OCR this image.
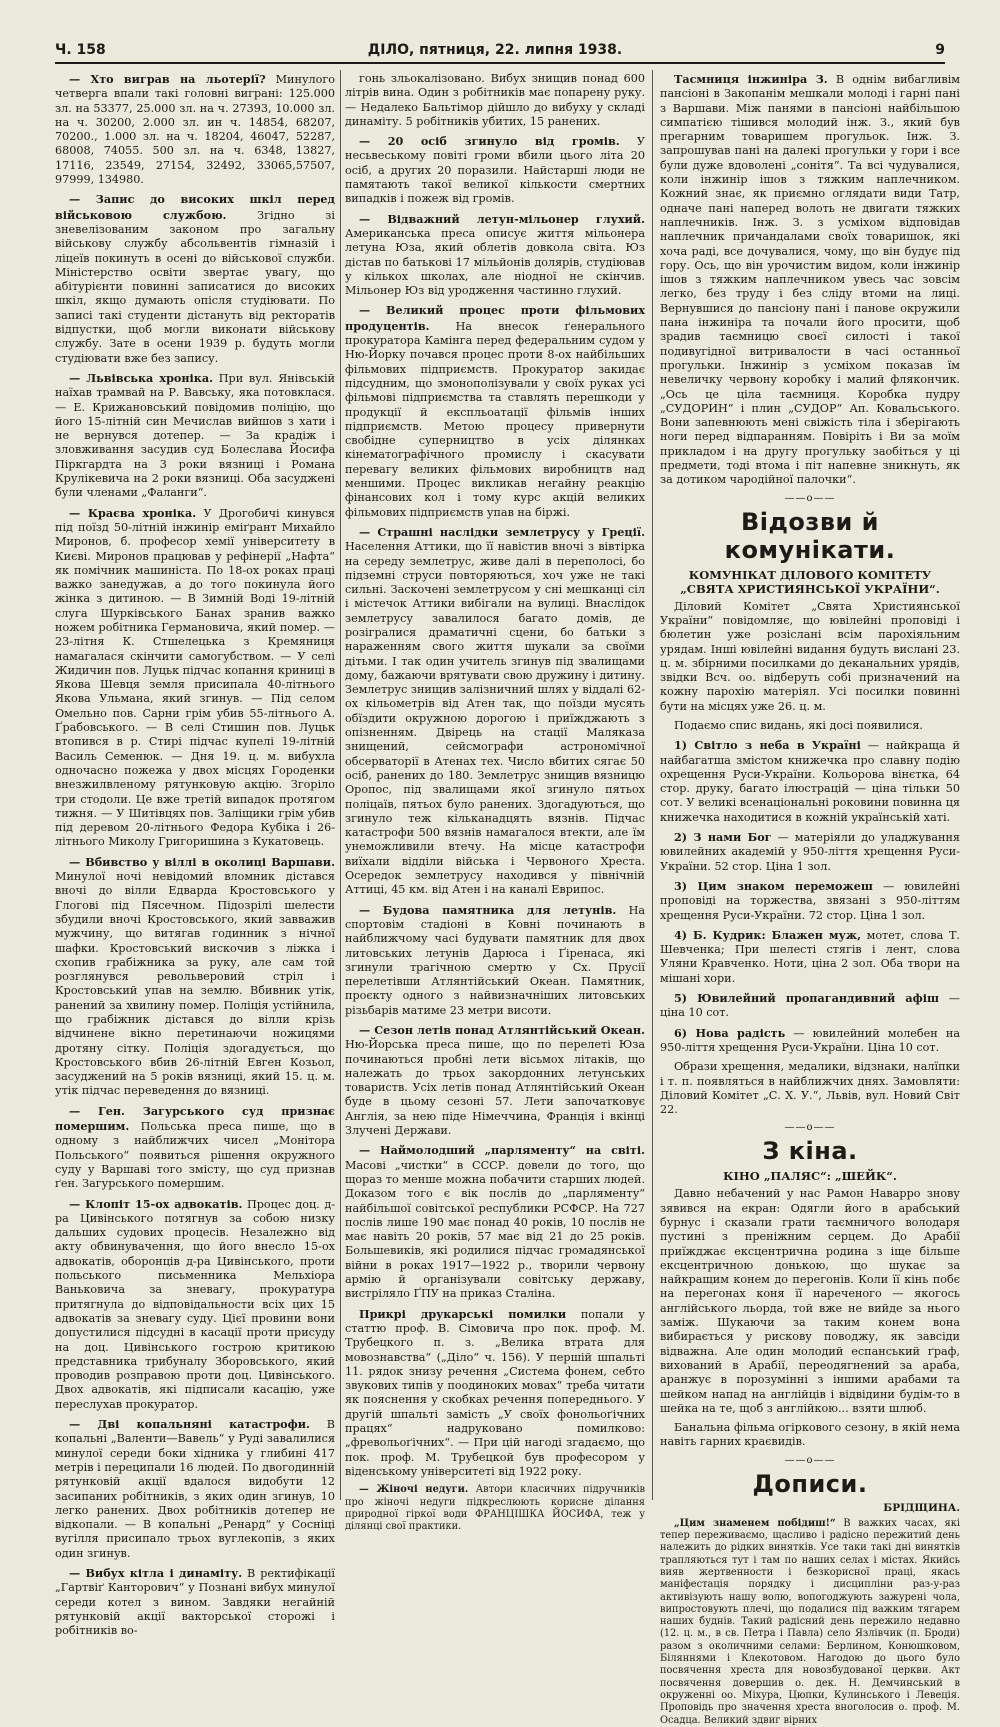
Ч. 158	ДІЛО, пятниця, 22. липня 1938.	9

— Хто виграв на льотерії? Минулого четверга впали такі головні виграні: 125.000 зл. на 53377, 25.000 зл. на ч. 27393, 10.000 зл. на ч. 30200, 2.000 зл. ин ч. 14854, 68207, 70200., 1.000 зл. на ч. 18204, 46047, 52287, 68008, 74055. 500 зл. на ч. 6348, 13827, 17116, 23549, 27154, 32492, 33065,57507, 97999, 134980.

— Запис до високих шкіл перед військовою службою. Згідно зі зневелізованим законом про загальну військову службу абсольвентів гімназій і ліцеїв покинуть в осені до військової служби. Міністерство освіти звертає увагу, що абітурієнти повинні записатися до високих шкіл, якщо думають опісля студіювати. По записі такі студенти дістануть від ректоратів відпустки, щоб могли виконати військову службу. Зате в осени 1939 р. будуть могли студіювати вже без запису.

— Львівська хроніка. При вул. Янівській наїхав трамвай на Р. Вавську, яка потовклася. — Е. Крижановський повідомив поліцію, що його 15-літній син Мечислав вийшов з хати і не вернувся дотепер. — За крадіж і зловживання засудив суд Болеслава Йосифа Піркгардта на 3 роки вязниці і Романа Крулікевича на 2 роки вязниці. Оба засуджені були членами „Фаланги“.

— Краєва хроніка. У Дрогобичі кинувся під поїзд 50-літній інжинір еміґрант Михайло Миронов, б. професор хемії університету в Києві. Миронов працював у рефінерії „Нафта“ як помічник машиніста. По 18-ох роках праці важко занедужав, а до того покинула його жінка з дитиною. — В Зимній Воді 19-літній слуга Шурківського Банах зранив важко ножем робітника Германовича, який помер. — 23-літня К. Стшелецька з Кремяниця намагалася скінчити самогубством. — У селі Жидичин пов. Луцьк підчас копання криниці в Яковa Шевця земля присипала 40-літнього Якова Ульмана, який згинув. — Під селом Омельно пов. Сарни грім убив 55-літнього А. Ґрабовського. — В селі Стишин пов. Луцьк втопився в р. Стирі підчас купелі 19-літній Василь Семенюк. — Дня 19. ц. м. вибухла одночасно пожежа у двох місцях Городенки внезжилвленому рятунковую акцію. Згоріло три стодоли. Це вже третій випадок протягом тижня. — У Шитівцях пов. Заліщики грім убив під деревом 20-літнього Федора Кубіка і 26-літнього Миколу Григоришина з Кукатовець.

— Вбивство у віллі в околиці Варшави. Минулої ночі невідомий вломник дістався вночі до вілли Едварда Кростовського у Глогові під Пясечном. Підозрілі шелести збудили вночі Кростовського, який завважив мужчину, що витягав годинник з нічної шафки. Кростовський вискочив з ліжка і схопив грабіжника за руку, але сам той розглянувся револьверовий стріл і Кростовський упав на землю. Вбивник утік, ранений за хвилину помер. Поліція устійнила, що грабіжник дістався до вілли крізь відчинене вікно перетинаючи ножицями дротяну сітку. Поліція здогадується, що Кростовського вбив 26-літній Евген Козьол, засуджений на 5 років вязниці, який 15. ц. м. утік підчас переведення до вязниці.

— Ген. Загурського суд признає помершим. Польська преса пише, що в одному з найближчих чисел „Монітора Польського“ появиться рішення окружного суду у Варшаві того змісту, що суд признав ґен. Загурського помершим.

— Клопіт 15-ох адвокатів. Процес доц. д-ра Цивінського потягнув за собою низку дальших судових процесів. Незалежно від акту обвинувачення, що його внесло 15-ох адвокатів, оборонців д-ра Цивінського, проти польського письменника Мельхіора Ваньковича за зневагу, прокуратура притягнула до відповідальности всіх цих 15 адвокатів за зневагу суду. Цієї провини вони допустилися підсудні в касації проти присуду на доц. Цивінського гострою критикою представника трибуналу Зборовського, який проводив розправою проти доц. Цивінського. Двох адвокатів, які підписали касацію, уже переслухав прокуратор.

— Дві копальняні катастрофи. В копальні „Валенти—Вавель“ у Руді завалилися минулої середи боки хідника у глибині 417 метрів і переципали 16 людей. По двогодинній рятунковій акції вдалося видобути 12 засипаних робітників, з яких один згинув, 10 легко ранених. Двох робітників дотепер не відкопали. — В копальні „Ренард“ у Сосніці вугілля присипало трьох вуглекопів, з яких один згинув.

— Вибух кітла і динаміту. В ректифікації „Гартвіґ Канторович“ у Познані вибух минулої середи котел з вином. Завдяки негайній рятунковій акції вакторської сторожі і робітників во-

гонь зльокалізовано. Вибух знищив понад 600 літрів вина. Один з робітників має попарену руку. — Недалеко Бальтімор дійшло до вибуху у складі динаміту. 5 робітників убитих, 15 ранених.

— 20 осіб згинуло від громів. У несьвеському повіті громи вбили цього літа 20 осіб, а других 20 поразили. Найстарші люди не памятають такої великої кількости смертних випадків і пожеж від громів.

— Відважний летун-мільонер глухий. Американська преса описує життя мільонера летуна Юза, який облетів довкола світа. Юз дістав по батькові 17 мільйонів долярів, студіював у кількох школах, але ніодної не скінчив. Мільонер Юз від уродження частинно глухий.

— Великий процес проти фільмових продуцентів. На внесок ґенерального прокуратора Камінга перед федеральним судом у Ню-Йорку почався процес проти 8-ох найбільших фільмових підприємств. Прокуратор закидає підсудним, що змонополізували у своїх руках усі фільмові підприємства та ставлять перешкоди у продукції й експльоатації фільмів інших підприємств. Метою процесу привернути свобідне суперництво в усіх ділянках кінематографічного промислу і скасувати перевагу великих фільмових виробництв над меншими. Процес викликав негайну реакцію фінансових кол і тому курс акцій великих фільмових підприємств упав на біржі.

— Страшні наслідки землетрусу у Греції. Населення Аттики, що її навістив вночі з вівтірка на середу землетрус, живе далі в переполосі, бо підземні струси повторяються, хоч уже не такі сильні. Заскочені землетрусом у сні мешканці сіл і містечок Аттики вибігали на вулиці. Внаслідок землетрусу завалилося багато домів, де розігралися драматичні сцени, бо батьки з нараженням свого життя шукали за своїми дітьми. І так один учитель згинув під звалищами дому, бажаючи врятувати свою дружину і дитину. Землетрус знищив залізничний шлях у віддалі 62-ох кільометрів від Атен так, що поїзди мусять обїздити окружною дорогою і приїжджають з опізненням. Двірець на стації Маляказа знищений, сейсмографи астрономічної обсерваторії в Атенах тех. Число вбитих сягає 50 осіб, ранених до 180. Землетрус знищив вязницю Оропос, під звалищами якої згинуло пятьох поліцаїв, пятьох було ранених. Здогадуються, що згинуло теж кільканадцять вязнів. Підчас катастрофи 500 вязнів намагалося втекти, але їм унеможливили втечу. На місце катастрофи виїхали відділи війська і Червоного Хреста. Осередок землетрусу находився у північній Аттиці, 45 км. від Атен і на каналі Еврипос.

— Будова памятника для летунів. На спортовім стадіоні в Ковні починають в найближчому часі будувати памятник для двох литовських летунів Дарюса і Ґіренаса, які згинули трагічною смертю у Сх. Прусії перелетівши Атлянтійський Океан. Памятник, проєкту одного з найвизначніших литовських різьбарів матиме 23 метри висоти.

— Сезон летів понад Атлянтійський Океан. Ню-Йорська преса пише, що по перелеті Юза починаються пробні лети вісьмох літаків, що належать до трьох закордонних летунських товариств. Усіх летів понад Атлянтійський Океан буде в цьому сезоні 57. Лети започатковує Англія, за нею піде Німеччина, Франція і вкінці Злучені Держави.

— Наймолодший „парляменту“ на світі. Масові „чистки“ в СССР. довели до того, що щораз то менше можна побачити старших людей. Доказом того є вік послів до „парляменту“ найбільшої совітської республики РСФСР. На 727 послів лише 190 має понад 40 років, 10 послів не має навіть 20 років, 57 має від 21 до 25 років. Большевиків, які родилися підчас громадянської війни в роках 1917—1922 р., творили червону армію й організували совітську державу, вистріляло ҐПУ на приказ Сталіна.

Прикрі друкарські помилки попали у статтю проф. В. Сімовича про пок. проф. М. Трубецкого п. з. „Велика втрата для мовознавства“ („Діло“ ч. 156). У першій шпальті 11. рядок знизу речення „Система фонем, себто звукових типів у поодиноких мовах“ треба читати як пояснення у скобках речення попереднього. У другій шпальті замість „У своїх фонольоґічних працях“ надруковано помилково: „фревольоґічних“. — При цій нагоді згадаємо, що пок. проф. М. Трубецкой був професором у віденському університеті від 1922 року.

— Жіночі недуги. Автори класичних підручників про жіночі недуги підкреслюють корисне ділання природної гіркої води ФРАНЦІШКА ЙОСИФА, теж у ділянці свої практики.

Тасмниця інжинірa З. В однім вибагливім пансіоні в Закопанім мешкали молоді і гарні пані з Варшави. Між панями в пансіоні найбільшою симпатією тішився молодий інж. З., який був прегарним товаришем прогульок. Інж. З. запрошував пані на далекі прогульки у гори і все були дуже вдоволені „сонітя“. Та всі чудувалися, коли інжинір ішов з тяжким наплечником. Кожний знає, як приємно оглядати види Татр, одначе пані наперед волоть не двигати тяжких наплечників. Інж. З. з усміхом відповідав наплечник причандалами своїх товаришок, які хоча раді, все дочувалися, чому, що він будує під гору. Ось, що він урочистим видом, коли інжинір ішов з тяжким наплечником увесь час зовсім легко, без труду і без сліду втоми на лиці. Вернувшися до пансіону пані і панове окружили пана інжиніра та почали його просити, щоб зрадив таємницю своєї силості і такої подивугідної витривалости в часі останньої прогульки. Інжинір з усміхом показав їм невеличку червону коробку і малий флякончик. „Ось це ціла таємниця. Коробка пудру „СУДОРИН“ і плин „СУДОР“ Ап. Ковальського. Вони запевнюють мені свіжість тіла і зберігають ноги перед відпаранням. Повіріть і Ви за моїм прикладом і на другу прогульку заобіться у ці предмети, тоді втома і піт напевне зникнуть, як за дотиком чародійної палочки“.

——o——
Відозви й комунікати.
КОМУНІКАТ ДІЛОВОГО КОМІТЕТУ „СВЯТА ХРИСТИЯНСЬКОЇ УКРАЇНИ“.

Діловий Комітет „Свята Християнської України“ повідомляє, що ювілейні проповіді і бюлетин уже розіслані всім парохіяльним урядам. Інші ювілейні видання будуть вислані 23. ц. м. збірними посилками до деканальних урядів, звідки Всч. оо. відберуть собі призначений на кожну парохію матеріял. Усі посилки повинні бути на місцях уже 26. ц. м.

Подаємо спис видань, які досі появилися.

1) Світло з неба в Україні — найкраща й найбагатша змістом книжечка про славну подію охрещення Руси-України. Кольорова вінєтка, 64 стор. друку, багато ілюстрацій — ціна тільки 50 сот. У великі всенаціональні роковини повинна ця книжечка находитися в кожній українській хаті.

2) З нами Бог — матеріяли до уладжування ювилейних академій у 950-ліття хрещення Руси-України. 52 стор. Ціна 1 зол.

3) Цим знаком переможеш — ювилейні проповіді на торжества, звязані з 950-літтям хрещення Руси-України. 72 стор. Ціна 1 зол.

4) Б. Кудрик: Блажен муж, мотет, слова Т. Шевченка; При шелесті стягів і лент, слова Уляни Кравченко. Ноти, ціна 2 зол. Оба твори на мішані хори.

5) Ювилейний пропагандивний афіш — ціна 10 сот.

6) Нова радість — ювилейний молебен на 950-ліття хрещення Руси-України. Ціна 10 сот.

Образи хрещення, медалики, відзнаки, налїпки і т. п. появляться в найближчих днях. Замовляти: Діловий Комітет „С. Х. У.“, Львів, вул. Новий Світ 22.

——o——
З кіна.
КІНО „ПАЛЯС“: „ШЕЙК“.

Давно небачений у нас Рамон Наварро знову зявився на екран: Одягли його в арабський бурнус і сказали грати таємничого володаря пустині з преніжним серцем. До Арабії приїжджає ексцентрична родина з іще більше ексцентричною донькою, що шукає за найкращим конем до перегонів. Коли її кінь побє на перегонах коня її нареченого — якогось англійського льорда, той вже не вийде за нього заміж. Шукаючи за таким конем вона вибирається у рискову поводжу, як завсіди відважна. Але один молодий еспанський ґраф, вихований в Арабії, переодягнений за араба, аранжує в порозумінні з іншими арабами та шейком напад на англійців і відвідини будім-то в шейка на те, щоб з англійкою... взяти шлюб.

Банальна фільма огіркового сезону, в якій нема навіть гарних краєвидів.

——o——
Дописи.
БРІДЩИНА.

„Цим знаменем побідиш!“ В важких часах, які тепер переживаємо, щасливо і радісно пережитий день належить до рідких виняткiв. Усе таки такі дні винятків трапляються тут і там по наших селах і містах. Якийсь вияв жертвенности і безкорисної праці, якась маніфестація порядку і дисципліни раз-у-раз активізують нашу волю, вопогоджують зажурені чола, випростовують плечі, що подалися під важким тягарем наших буднів. Такий радісний день пережило недавно (12. ц. м., в св. Петра і Павла) село Язлівчик (п. Броди) разом з околичними селами: Берлином, Конюшковом, Біляннями і Клекотовом. Нагодою до цього було посвячення хреста для новозбудованої церкви. Акт посвячення довершив о. дек. Н. Демчинський в окруженні оо. Міхура, Цюпки, Кулинського і Левеція. Проповідь про значення хреста вноголосив о. проф. М. Осадца. Великий здвиг вірних
